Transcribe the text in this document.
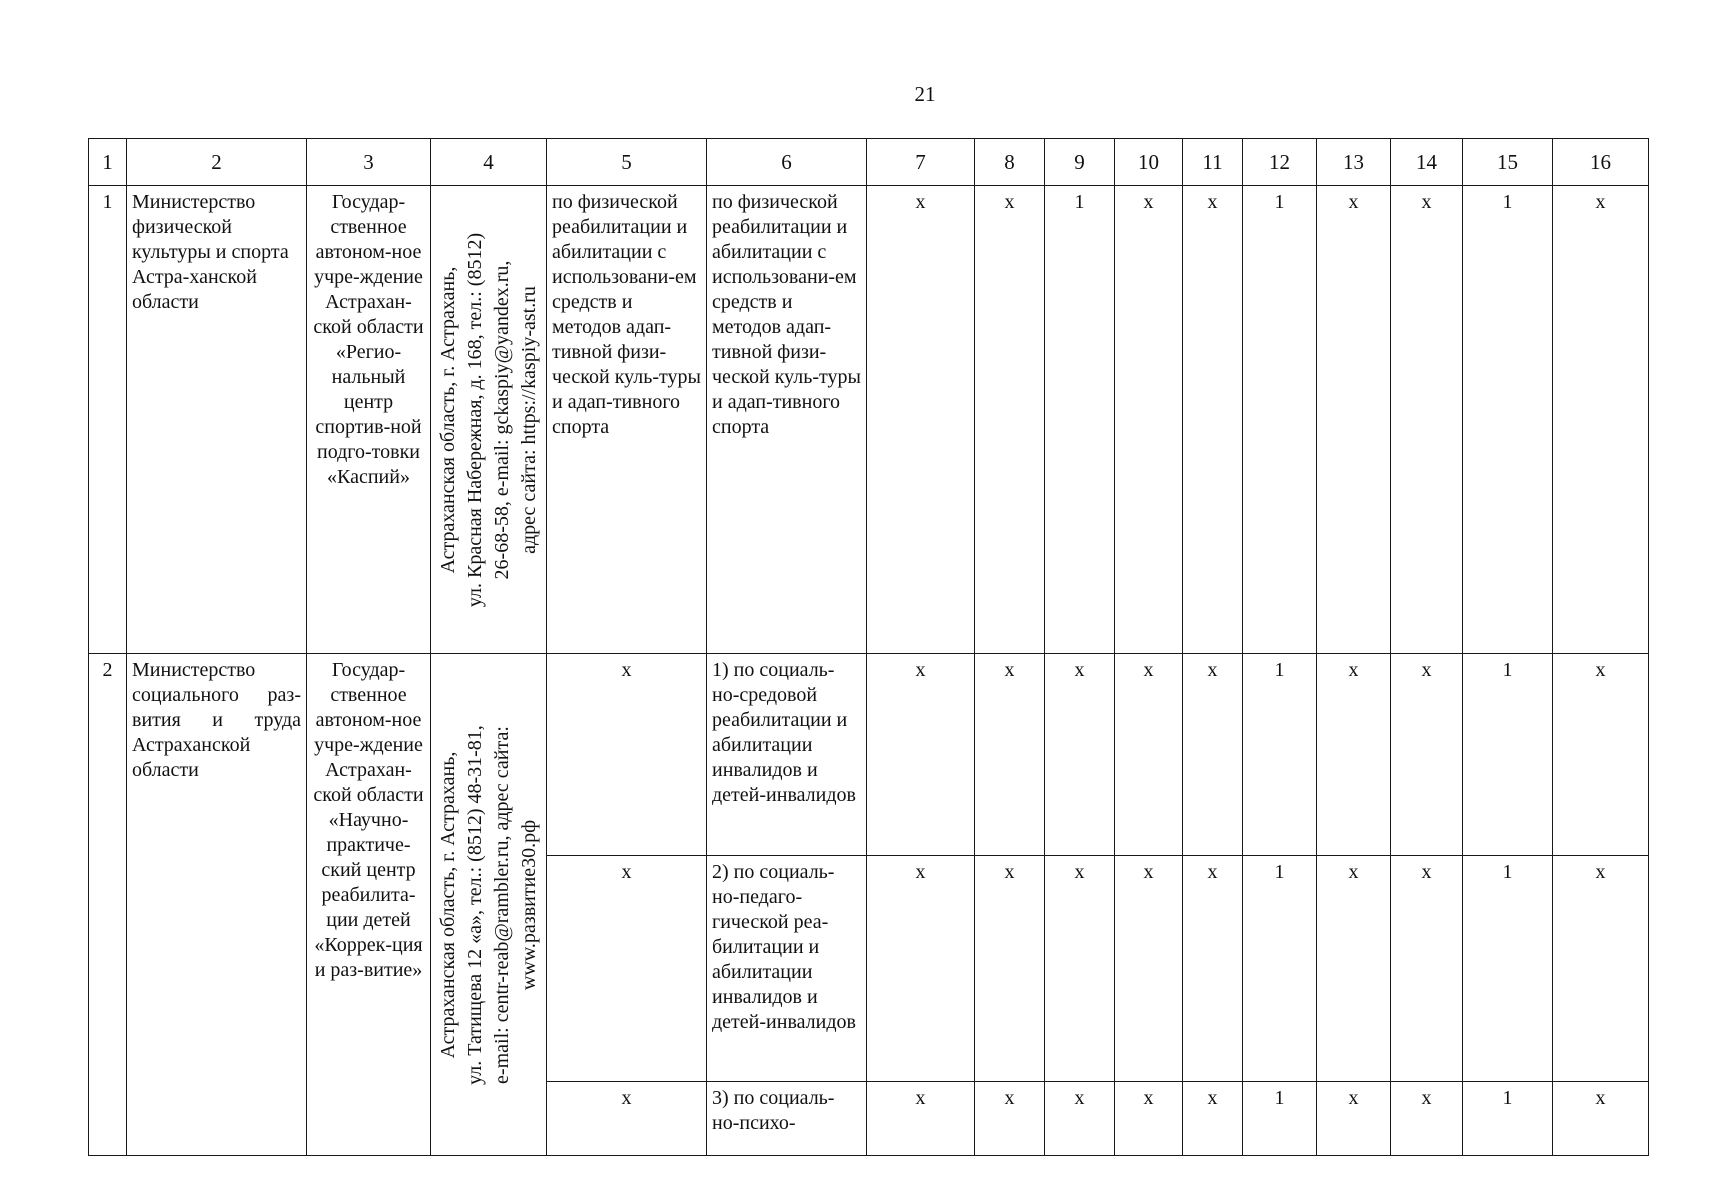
21
1	2	3	4	5	6	7	8	9	10	11	12	13	14	15	16
1	Министерство физической культуры и спорта Астра-ханской области	Государ-ственное автоном-ное учре-ждение Астрахан-ской области «Регио-нальный центр спортив-ной подго-товки «Каспий»	Астраханская область, г. Астрахань, ул. Красная Набережная, д. 168, тел.: (8512) 26-68-58, e-mail: gckaspiy@yandex.ru, адрес сайта: https://kaspiy-ast.ru	по физической реабилитации и абилитации с использовани-ем средств и методов адап-тивной физи-ческой куль-туры и адап-тивного спорта	по физической реабилитации и абилитации с использовани-ем средств и методов адап-тивной физи-ческой куль-туры и адап-тивного спорта	x	x	1	x	x	1	x	x	1	x
2	Министерство социального раз-вития и труда Астраханской области	Государ-ственное автоном-ное учре-ждение Астрахан-ской области «Научно-практиче-ский центр реабилита-ции детей «Коррек-ция и раз-витие»	Астраханская область, г. Астрахань, ул. Татищева 12 «а», тел.: (8512) 48-31-81, e-mail: centr-reab@rambler.ru, адрес сайта: www.развитие30.рф	x	1) по социаль-но-средовой реабилитации и абилитации инвалидов и детей-инвалидов	x	x	x	x	x	1	x	x	1	x
				x	2) по социаль-но-педаго-гической реа-билитации и абилитации инвалидов и детей-инвалидов	x	x	x	x	x	1	x	x	1	x
				x	3) по социаль-но-психо-	x	x	x	x	x	1	x	x	1	x
